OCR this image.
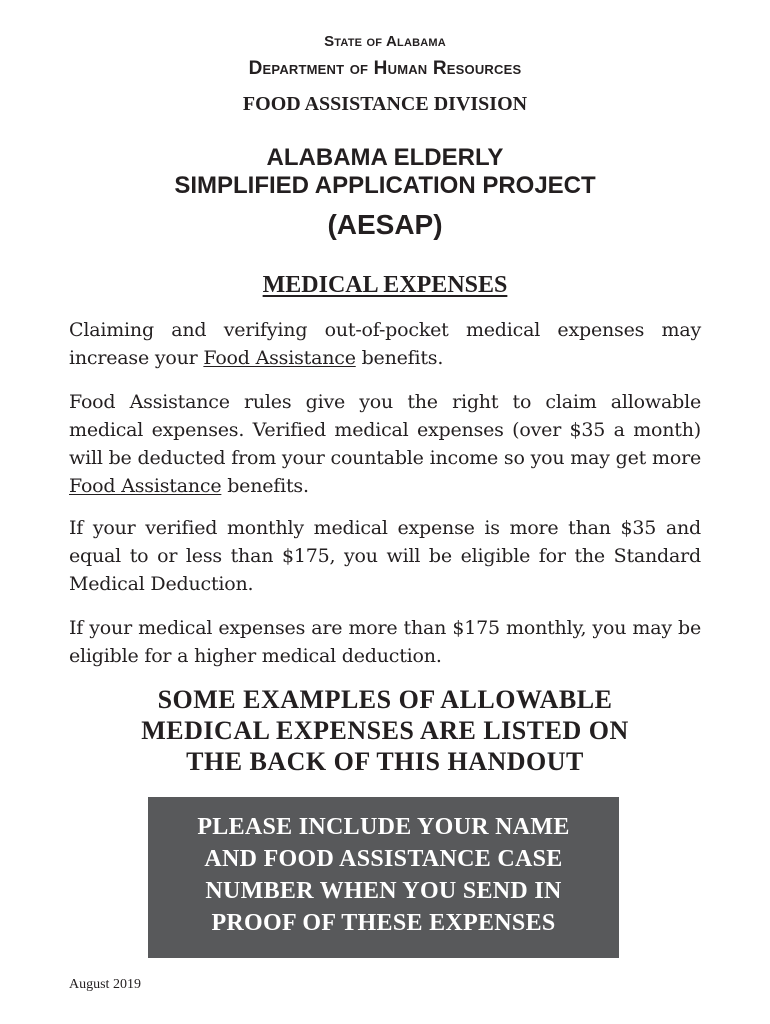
State of Alabama
Department of Human Resources
FOOD ASSISTANCE DIVISION
ALABAMA ELDERLY
SIMPLIFIED APPLICATION PROJECT
(AESAP)
MEDICAL EXPENSES

Claiming and verifying out-of-pocket medical expenses may increase your Food Assistance benefits.

Food Assistance rules give you the right to claim allowable medical expenses. Verified medical expenses (over $35 a month) will be deducted from your countable income so you may get more Food Assistance benefits.

If your verified monthly medical expense is more than $35 and equal to or less than $175, you will be eligible for the Standard Medical Deduction.

If your medical expenses are more than $175 monthly, you may be eligible for a higher medical deduction.

SOME EXAMPLES OF ALLOWABLE
MEDICAL EXPENSES ARE LISTED ON
THE BACK OF THIS HANDOUT
PLEASE INCLUDE YOUR NAME
AND FOOD ASSISTANCE CASE
NUMBER WHEN YOU SEND IN
PROOF OF THESE EXPENSES
August 2019
